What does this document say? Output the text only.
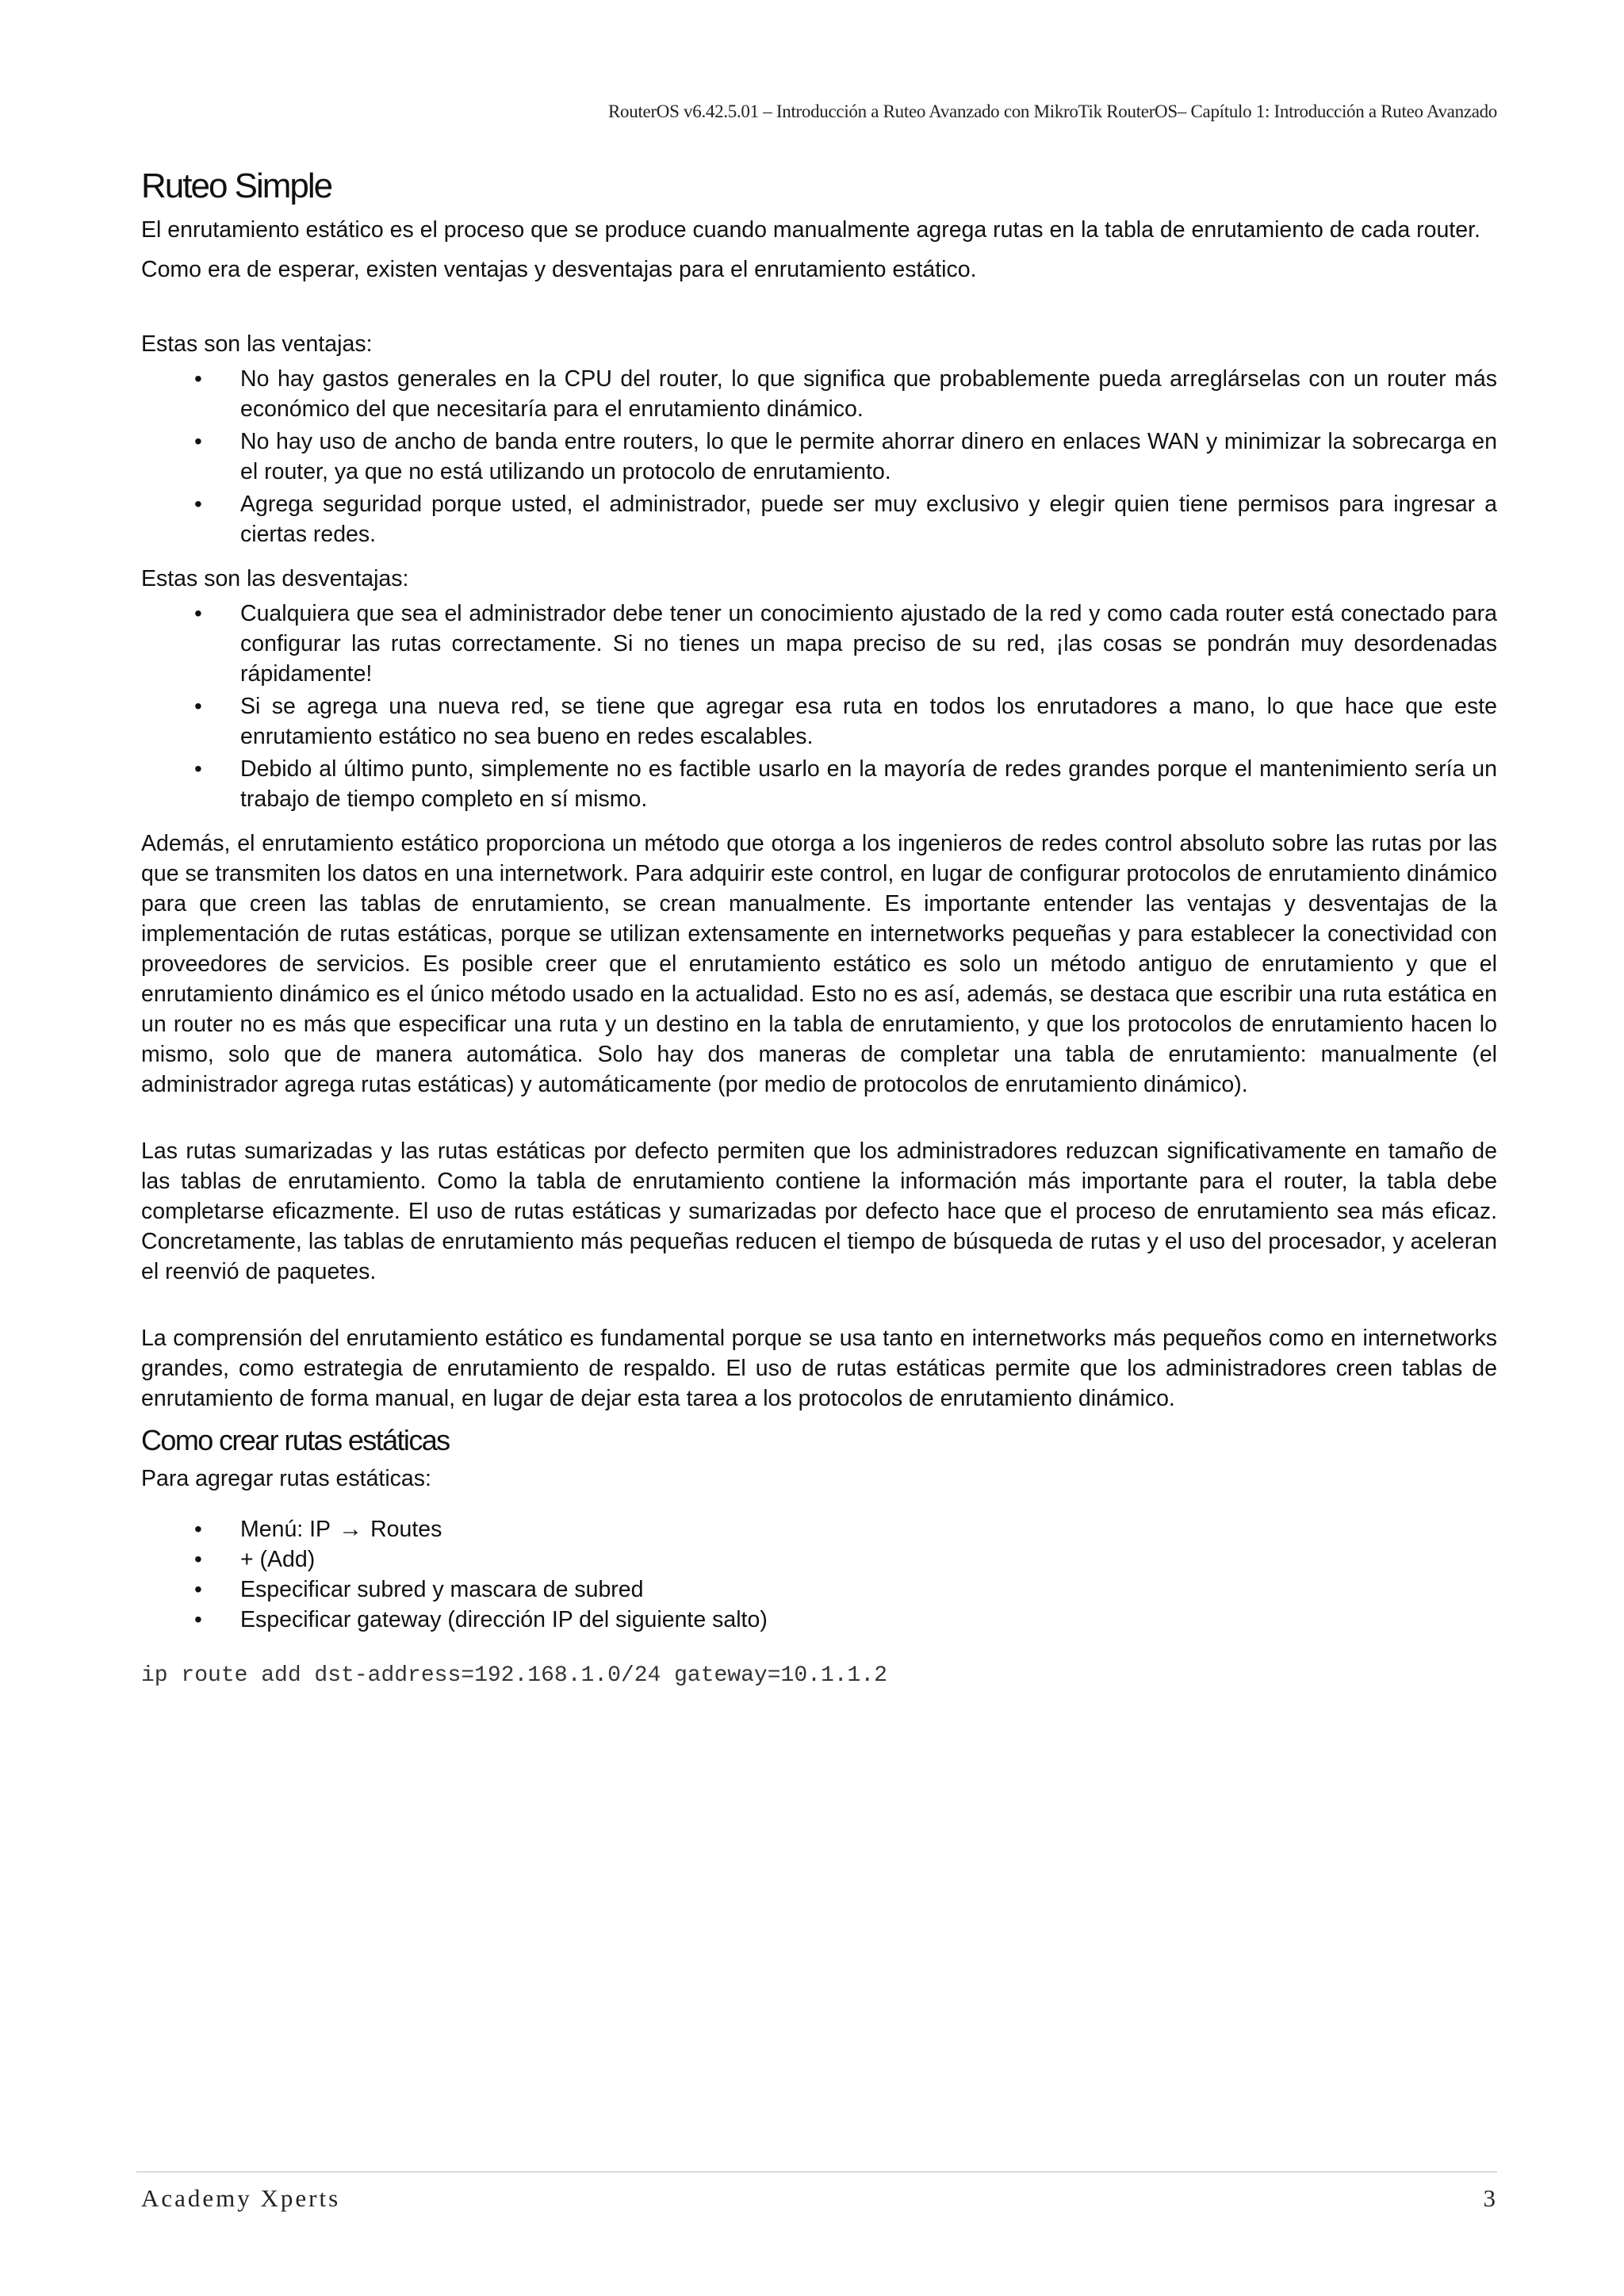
RouterOS v6.42.5.01 – Introducción a Ruteo Avanzado con MikroTik RouterOS– Capítulo 1: Introducción a Ruteo Avanzado
Ruteo Simple

El enrutamiento estático es el proceso que se produce cuando manualmente agrega rutas en la tabla de enrutamiento de cada router.

Como era de esperar, existen ventajas y desventajas para el enrutamiento estático.

Estas son las ventajas:

• No hay gastos generales en la CPU del router, lo que significa que probablemente pueda arreglárselas con un router más económico del que necesitaría para el enrutamiento dinámico.
• No hay uso de ancho de banda entre routers, lo que le permite ahorrar dinero en enlaces WAN y minimizar la sobrecarga en el router, ya que no está utilizando un protocolo de enrutamiento.
• Agrega seguridad porque usted, el administrador, puede ser muy exclusivo y elegir quien tiene permisos para ingresar a ciertas redes.

Estas son las desventajas:

• Cualquiera que sea el administrador debe tener un conocimiento ajustado de la red y como cada router está conectado para configurar las rutas correctamente. Si no tienes un mapa preciso de su red, ¡las cosas se pondrán muy desordenadas rápidamente!
• Si se agrega una nueva red, se tiene que agregar esa ruta en todos los enrutadores a mano, lo que hace que este enrutamiento estático no sea bueno en redes escalables.
• Debido al último punto, simplemente no es factible usarlo en la mayoría de redes grandes porque el mantenimiento sería un trabajo de tiempo completo en sí mismo.

Además, el enrutamiento estático proporciona un método que otorga a los ingenieros de redes control absoluto sobre las rutas por las que se transmiten los datos en una internetwork. Para adquirir este control, en lugar de configurar protocolos de enrutamiento dinámico para que creen las tablas de enrutamiento, se crean manualmente. Es importante entender las ventajas y desventajas de la implementación de rutas estáticas, porque se utilizan extensamente en internetworks pequeñas y para establecer la conectividad con proveedores de servicios. Es posible creer que el enrutamiento estático es solo un método antiguo de enrutamiento y que el enrutamiento dinámico es el único método usado en la actualidad. Esto no es así, además, se destaca que escribir una ruta estática en un router no es más que especificar una ruta y un destino en la tabla de enrutamiento, y que los protocolos de enrutamiento hacen lo mismo, solo que de manera automática. Solo hay dos maneras de completar una tabla de enrutamiento: manualmente (el administrador agrega rutas estáticas) y automáticamente (por medio de protocolos de enrutamiento dinámico).

Las rutas sumarizadas y las rutas estáticas por defecto permiten que los administradores reduzcan significativamente en tamaño de las tablas de enrutamiento. Como la tabla de enrutamiento contiene la información más importante para el router, la tabla debe completarse eficazmente. El uso de rutas estáticas y sumarizadas por defecto hace que el proceso de enrutamiento sea más eficaz. Concretamente, las tablas de enrutamiento más pequeñas reducen el tiempo de búsqueda de rutas y el uso del procesador, y aceleran el reenvió de paquetes.

La comprensión del enrutamiento estático es fundamental porque se usa tanto en internetworks más pequeños como en internetworks grandes, como estrategia de enrutamiento de respaldo. El uso de rutas estáticas permite que los administradores creen tablas de enrutamiento de forma manual, en lugar de dejar esta tarea a los protocolos de enrutamiento dinámico.

Como crear rutas estáticas

Para agregar rutas estáticas:

• Menú: IP → Routes
• + (Add)
• Especificar subred y mascara de subred
• Especificar gateway (dirección IP del siguiente salto)
ip route add dst-address=192.168.1.0/24 gateway=10.1.1.2
Academy Xperts	3
